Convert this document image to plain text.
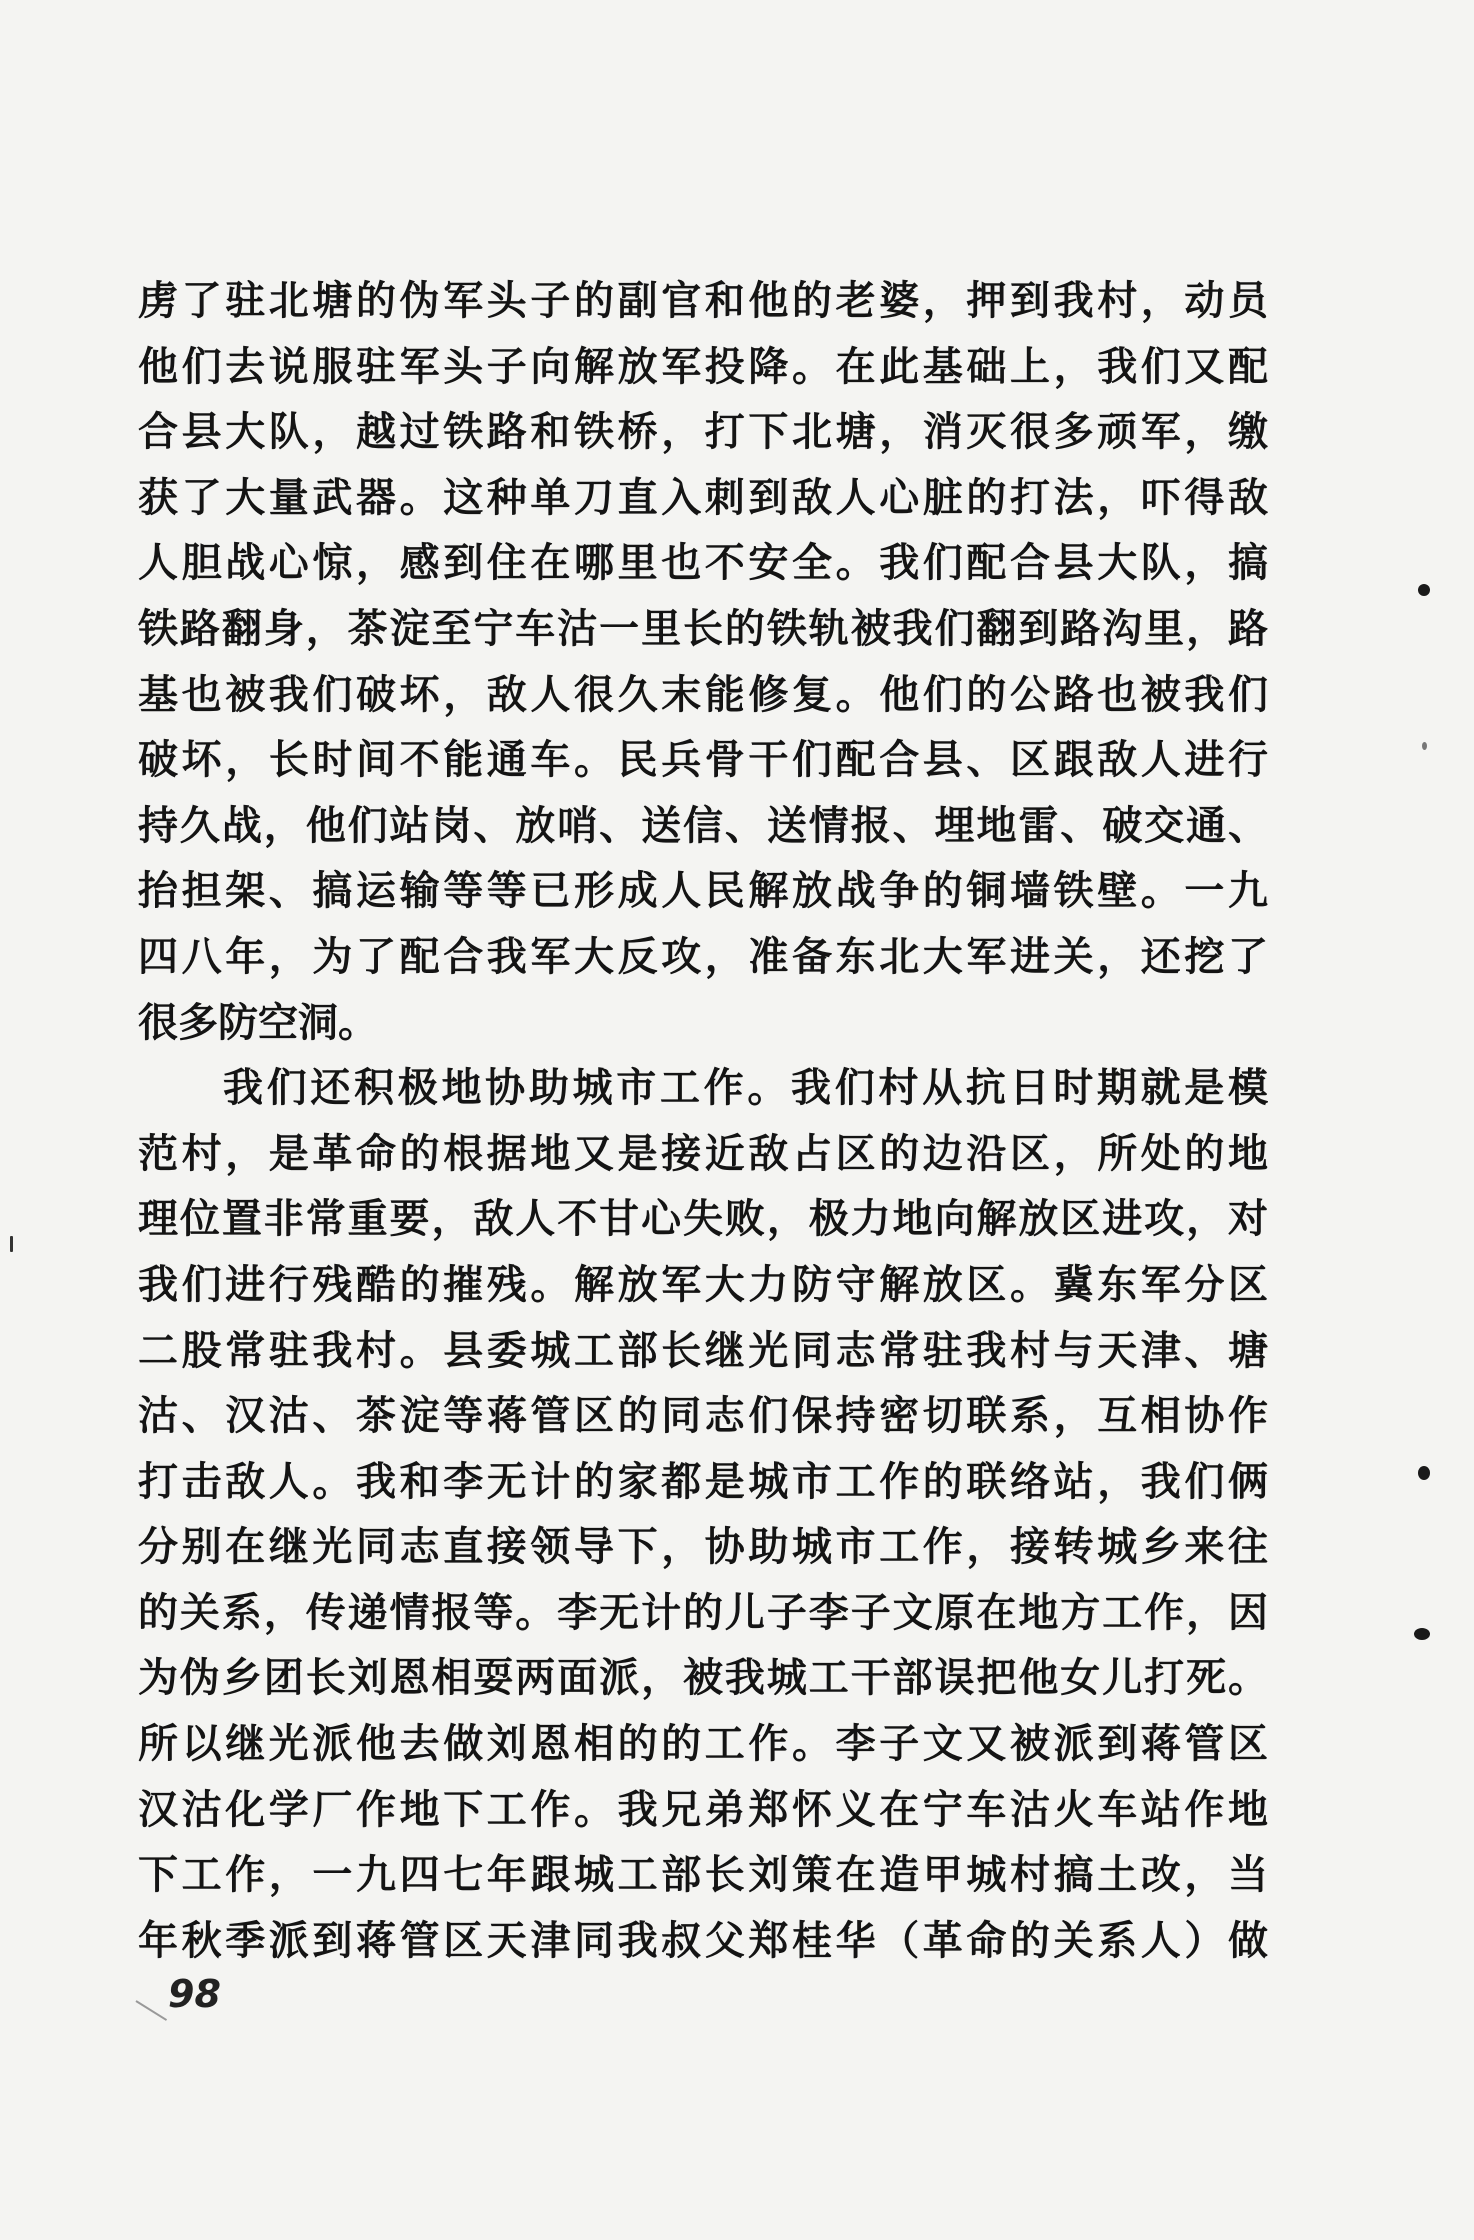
虏了驻北塘的伪军头子的副官和他的老婆，押到我村，动员
他们去说服驻军头子向解放军投降。在此基础上，我们又配
合县大队，越过铁路和铁桥，打下北塘，消灭很多顽军，缴
获了大量武器。这种单刀直入刺到敌人心脏的打法，吓得敌
人胆战心惊，感到住在哪里也不安全。我们配合县大队，搞
铁路翻身，茶淀至宁车沽一里长的铁轨被我们翻到路沟里，路
基也被我们破坏，敌人很久末能修复。他们的公路也被我们
破坏，长时间不能通车。民兵骨干们配合县、区跟敌人进行
持久战，他们站岗、放哨、送信、送情报、埋地雷、破交通、
抬担架、搞运输等等已形成人民解放战争的铜墙铁壁。一九
四八年，为了配合我军大反攻，准备东北大军进关，还挖了
很多防空洞。
我们还积极地协助城市工作。我们村从抗日时期就是模
范村，是革命的根据地又是接近敌占区的边沿区，所处的地
理位置非常重要，敌人不甘心失败，极力地向解放区进攻，对
我们进行残酷的摧残。解放军大力防守解放区。冀东军分区
二股常驻我村。县委城工部长继光同志常驻我村与天津、塘
沽、汉沽、茶淀等蒋管区的同志们保持密切联系，互相协作
打击敌人。我和李无计的家都是城市工作的联络站，我们俩
分别在继光同志直接领导下，协助城市工作，接转城乡来往
的关系，传递情报等。李无计的儿子李子文原在地方工作，因
为伪乡团长刘恩相耍两面派，被我城工干部误把他女儿打死。
所以继光派他去做刘恩相的的工作。李子文又被派到蒋管区
汉沽化学厂作地下工作。我兄弟郑怀义在宁车沽火车站作地
下工作，一九四七年跟城工部长刘策在造甲城村搞土改，当
年秋季派到蒋管区天津同我叔父郑桂华（革命的关系人）做
98
